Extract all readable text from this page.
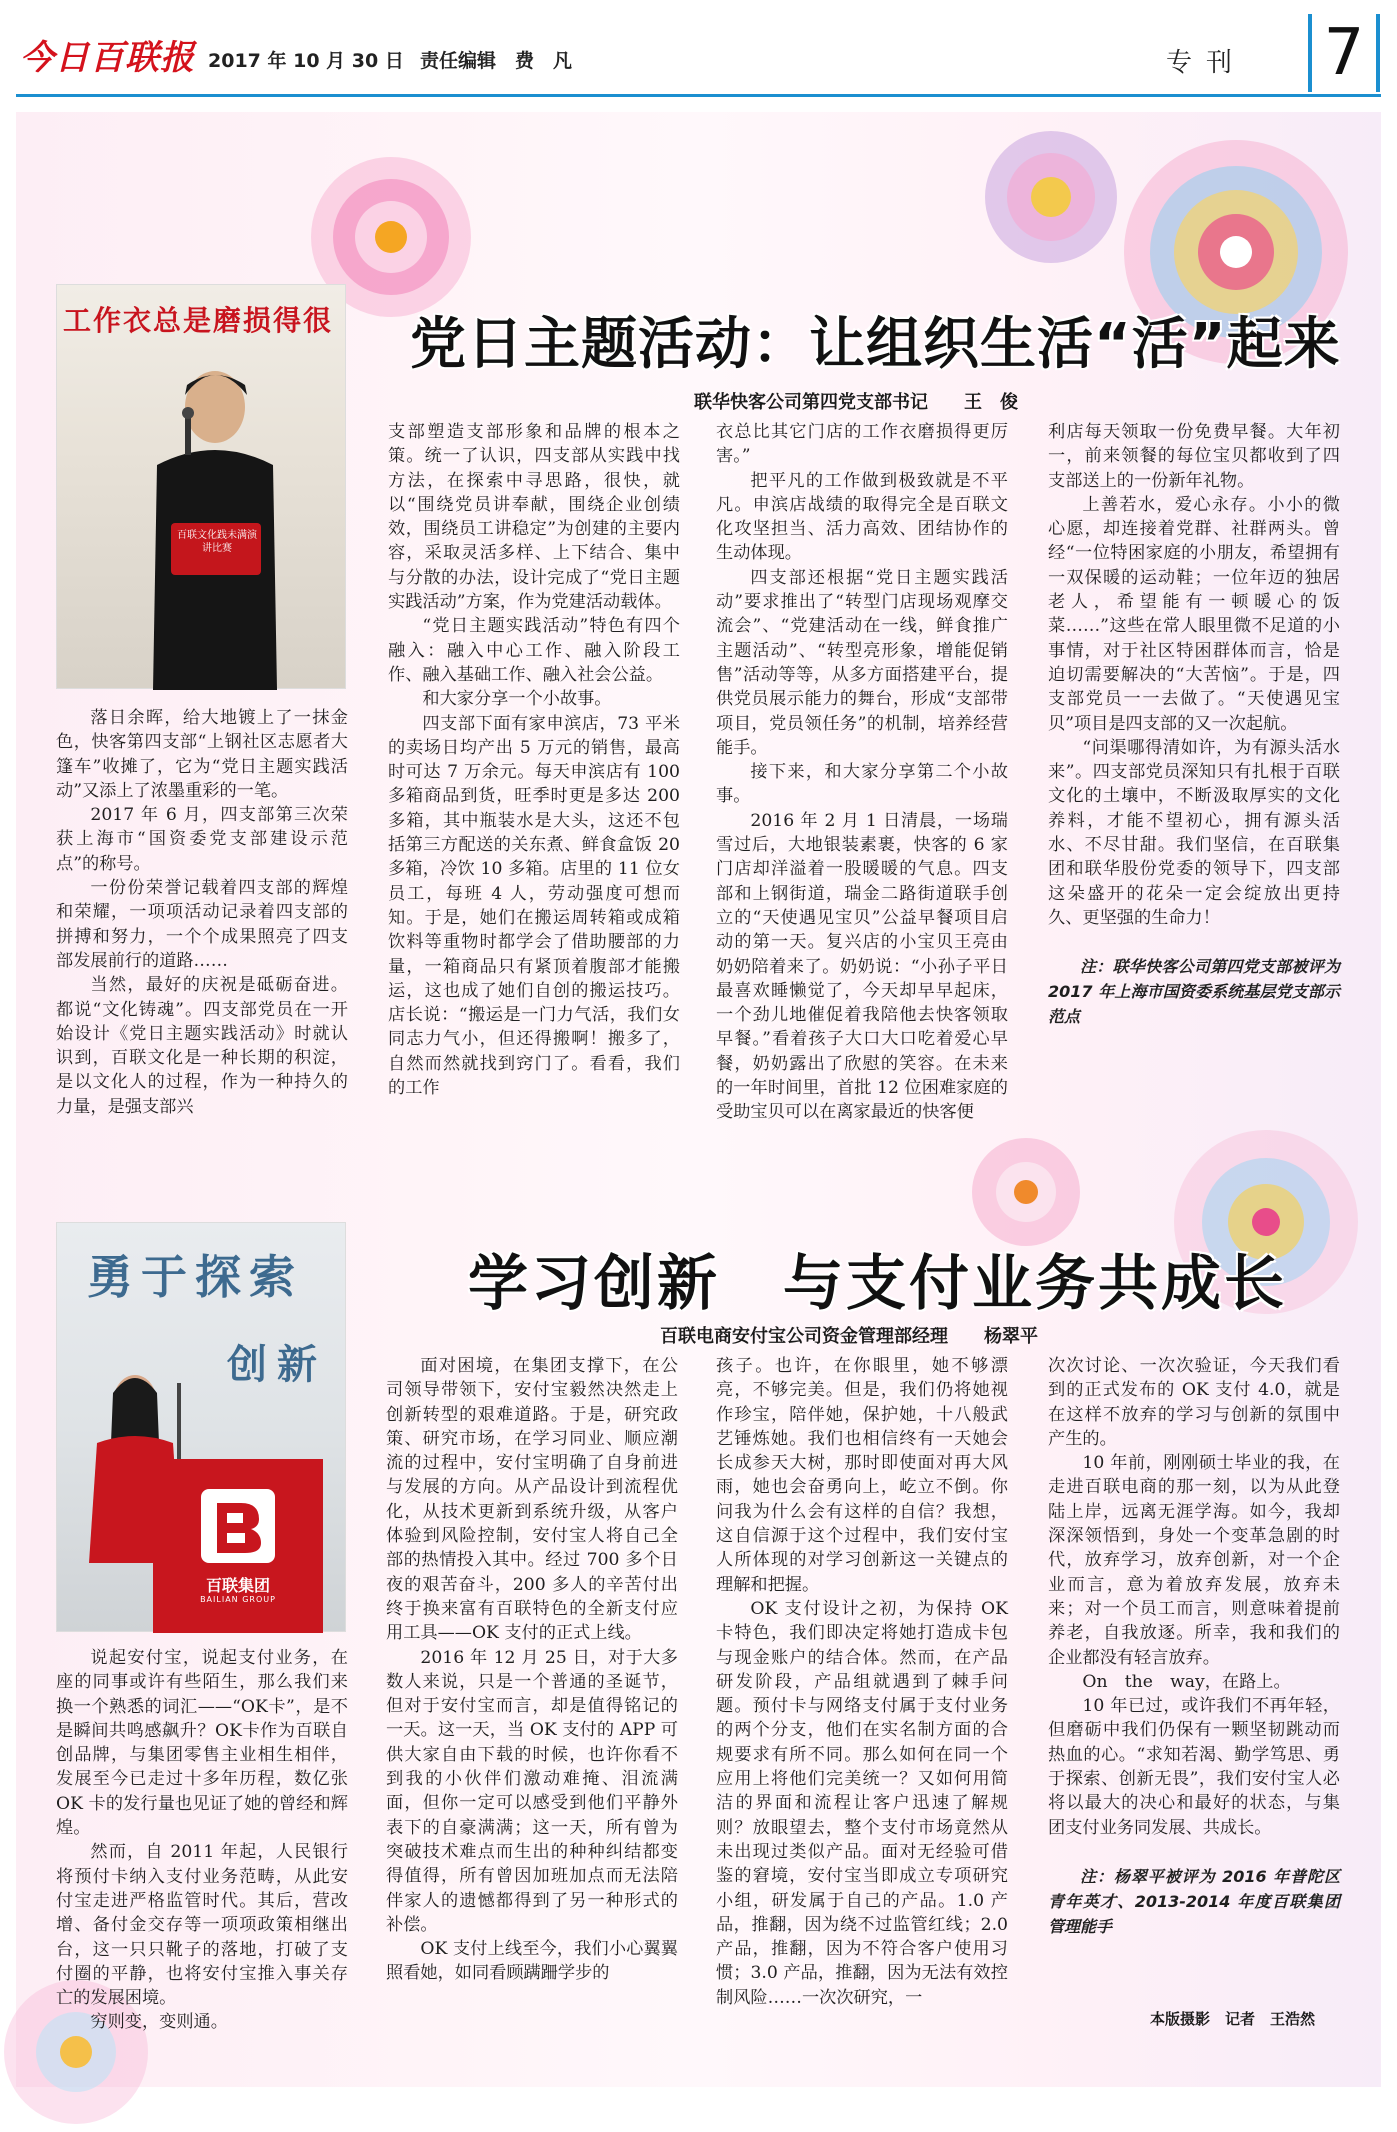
今日百联报 2017 年 10 月 30 日 责任编辑　费　凡	专刊 7
工作衣总是磨损得很
百联文化践未满演讲比赛
党日主题活动：让组织生活“活”起来
联华快客公司第四党支部书记　　王　俊

落日余晖，给大地镀上了一抹金色，快客第四支部“上钢社区志愿者大篷车”收摊了，它为“党日主题实践活动”又添上了浓墨重彩的一笔。

2017 年 6 月，四支部第三次荣获上海市“国资委党支部建设示范点”的称号。

一份份荣誉记载着四支部的辉煌和荣耀，一项项活动记录着四支部的拼搏和努力，一个个成果照亮了四支部发展前行的道路……

当然，最好的庆祝是砥砺奋进。都说“文化铸魂”。四支部党员在一开始设计《党日主题实践活动》时就认识到，百联文化是一种长期的积淀，是以文化人的过程，作为一种持久的力量，是强支部兴

支部塑造支部形象和品牌的根本之策。统一了认识，四支部从实践中找方法，在探索中寻思路，很快，就以“围绕党员讲奉献，围绕企业创绩效，围绕员工讲稳定”为创建的主要内容，采取灵活多样、上下结合、集中与分散的办法，设计完成了“党日主题实践活动”方案，作为党建活动载体。

“党日主题实践活动”特色有四个融入：融入中心工作、融入阶段工作、融入基础工作、融入社会公益。

和大家分享一个小故事。

四支部下面有家申滨店，73 平米的卖场日均产出 5 万元的销售，最高时可达 7 万余元。每天申滨店有 100 多箱商品到货，旺季时更是多达 200 多箱，其中瓶装水是大头，这还不包括第三方配送的关东煮、鲜食盒饭 20 多箱，冷饮 10 多箱。店里的 11 位女员工，每班 4 人，劳动强度可想而知。于是，她们在搬运周转箱或成箱饮料等重物时都学会了借助腰部的力量，一箱商品只有紧顶着腹部才能搬运，这也成了她们自创的搬运技巧。店长说：“搬运是一门力气活，我们女同志力气小，但还得搬啊！搬多了，自然而然就找到窍门了。看看，我们的工作

衣总比其它门店的工作衣磨损得更厉害。”

把平凡的工作做到极致就是不平凡。申滨店战绩的取得完全是百联文化攻坚担当、活力高效、团结协作的生动体现。

四支部还根据“党日主题实践活动”要求推出了“转型门店现场观摩交流会”、“党建活动在一线，鲜食推广主题活动”、“转型亮形象，增能促销售”活动等等，从多方面搭建平台，提供党员展示能力的舞台，形成“支部带项目，党员领任务”的机制，培养经营能手。

接下来，和大家分享第二个小故事。

2016 年 2 月 1 日清晨，一场瑞雪过后，大地银装素裹，快客的 6 家门店却洋溢着一股暖暖的气息。四支部和上钢街道，瑞金二路街道联手创立的“天使遇见宝贝”公益早餐项目启动的第一天。复兴店的小宝贝王亮由奶奶陪着来了。奶奶说：“小孙子平日最喜欢睡懒觉了，今天却早早起床，一个劲儿地催促着我陪他去快客领取早餐。”看着孩子大口大口吃着爱心早餐，奶奶露出了欣慰的笑容。在未来的一年时间里，首批 12 位困难家庭的受助宝贝可以在离家最近的快客便

利店每天领取一份免费早餐。大年初一，前来领餐的每位宝贝都收到了四支部送上的一份新年礼物。

上善若水，爱心永存。小小的微心愿，却连接着党群、社群两头。曾经“一位特困家庭的小朋友，希望拥有一双保暖的运动鞋；一位年迈的独居老人，希望能有一顿暖心的饭菜……”这些在常人眼里微不足道的小事情，对于社区特困群体而言，恰是迫切需要解决的“大苦恼”。于是，四支部党员一一去做了。“天使遇见宝贝”项目是四支部的又一次起航。

“问渠哪得清如许，为有源头活水来”。四支部党员深知只有扎根于百联文化的土壤中，不断汲取厚实的文化养料，才能不望初心，拥有源头活水、不尽甘甜。我们坚信，在百联集团和联华股份党委的领导下，四支部这朵盛开的花朵一定会绽放出更持久、更坚强的生命力！

注：联华快客公司第四党支部被评为 2017 年上海市国资委系统基层党支部示范点
勇于探索
创新
百联集团
BAILIAN GROUP
学习创新　与支付业务共成长
百联电商安付宝公司资金管理部经理　　杨翠平

说起安付宝，说起支付业务，在座的同事或许有些陌生，那么我们来换一个熟悉的词汇——“OK卡”，是不是瞬间共鸣感飙升？OK卡作为百联自创品牌，与集团零售主业相生相伴，发展至今已走过十多年历程，数亿张 OK 卡的发行量也见证了她的曾经和辉煌。

然而，自 2011 年起，人民银行将预付卡纳入支付业务范畴，从此安付宝走进严格监管时代。其后，营改增、备付金交存等一项项政策相继出台，这一只只靴子的落地，打破了支付圈的平静，也将安付宝推入事关存亡的发展困境。

穷则变，变则通。

面对困境，在集团支撑下，在公司领导带领下，安付宝毅然决然走上创新转型的艰难道路。于是，研究政策、研究市场，在学习同业、顺应潮流的过程中，安付宝明确了自身前进与发展的方向。从产品设计到流程优化，从技术更新到系统升级，从客户体验到风险控制，安付宝人将自己全部的热情投入其中。经过 700 多个日夜的艰苦奋斗，200 多人的辛苦付出终于换来富有百联特色的全新支付应用工具——OK 支付的正式上线。

2016 年 12 月 25 日，对于大多数人来说，只是一个普通的圣诞节，但对于安付宝而言，却是值得铭记的一天。这一天，当 OK 支付的 APP 可供大家自由下载的时候，也许你看不到我的小伙伴们激动难掩、泪流满面，但你一定可以感受到他们平静外表下的自豪满满；这一天，所有曾为突破技术难点而生出的种种纠结都变得值得，所有曾因加班加点而无法陪伴家人的遗憾都得到了另一种形式的补偿。

OK 支付上线至今，我们小心翼翼照看她，如同看顾蹒跚学步的

孩子。也许，在你眼里，她不够漂亮，不够完美。但是，我们仍将她视作珍宝，陪伴她，保护她，十八般武艺锤炼她。我们也相信终有一天她会长成参天大树，那时即使面对再大风雨，她也会奋勇向上，屹立不倒。你问我为什么会有这样的自信？我想，这自信源于这个过程中，我们安付宝人所体现的对学习创新这一关键点的理解和把握。

OK 支付设计之初，为保持 OK 卡特色，我们即决定将她打造成卡包与现金账户的结合体。然而，在产品研发阶段，产品组就遇到了棘手问题。预付卡与网络支付属于支付业务的两个分支，他们在实名制方面的合规要求有所不同。那么如何在同一个应用上将他们完美统一？又如何用简洁的界面和流程让客户迅速了解规则？放眼望去，整个支付市场竟然从未出现过类似产品。面对无经验可借鉴的窘境，安付宝当即成立专项研究小组，研发属于自己的产品。1.0 产品，推翻，因为绕不过监管红线；2.0 产品，推翻，因为不符合客户使用习惯；3.0 产品，推翻，因为无法有效控制风险……一次次研究，一

次次讨论、一次次验证，今天我们看到的正式发布的 OK 支付 4.0，就是在这样不放弃的学习与创新的氛围中产生的。

10 年前，刚刚硕士毕业的我，在走进百联电商的那一刻，以为从此登陆上岸，远离无涯学海。如今，我却深深领悟到，身处一个变革急剧的时代，放弃学习，放弃创新，对一个企业而言，意为着放弃发展，放弃未来；对一个员工而言，则意味着提前养老，自我放逐。所幸，我和我们的企业都没有轻言放弃。

On　the　way，在路上。

10 年已过，或许我们不再年轻，但磨砺中我们仍保有一颗坚韧跳动而热血的心。“求知若渴、勤学笃思、勇于探索、创新无畏”，我们安付宝人必将以最大的决心和最好的状态，与集团支付业务同发展、共成长。

注：杨翠平被评为 2016 年普陀区青年英才、2013-2014 年度百联集团管理能手
本版摄影　记者　王浩然
